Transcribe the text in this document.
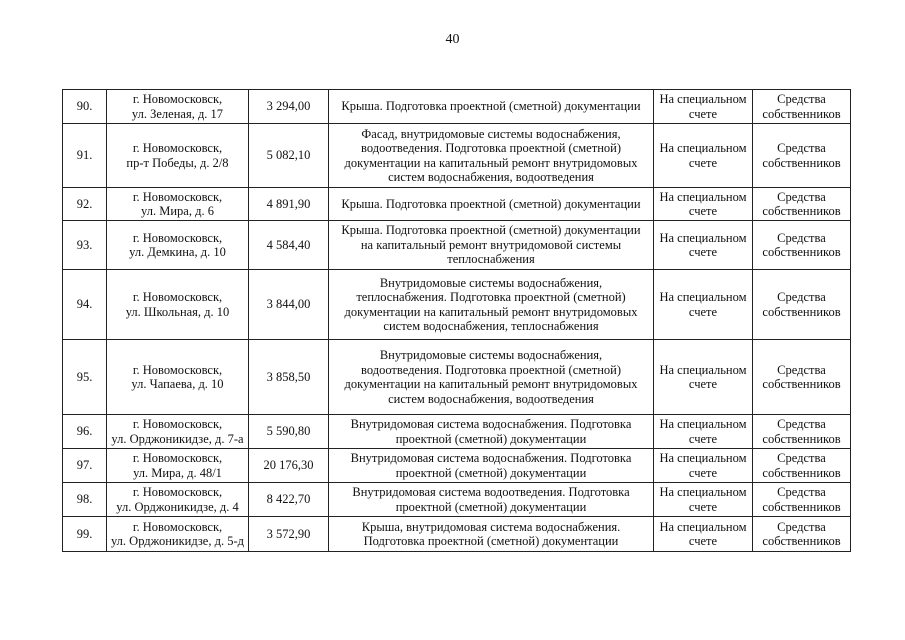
40
90.	г. Новомосковск,
ул. Зеленая, д. 17	3 294,00	Крыша. Подготовка проектной (сметной) документации	На специальном
счете	Средства
собственников

91.	г. Новомосковск,
пр-т Победы, д. 2/8	5 082,10	Фасад, внутридомовые системы водоснабжения,
водоотведения. Подготовка проектной (сметной)
документации на капитальный ремонт внутридомовых
систем водоснабжения, водоотведения	На специальном
счете	Средства
собственников

92.	г. Новомосковск,
ул. Мира, д. 6	4 891,90	Крыша. Подготовка проектной (сметной) документации	На специальном
счете	Средства
собственников

93.	г. Новомосковск,
ул. Демкина, д. 10	4 584,40	Крыша. Подготовка проектной (сметной) документации
на капитальный ремонт внутридомовой системы
теплоснабжения	На специальном
счете	Средства
собственников

94.	г. Новомосковск,
ул. Школьная, д. 10	3 844,00	Внутридомовые системы водоснабжения,
теплоснабжения. Подготовка проектной (сметной)
документации на капитальный ремонт внутридомовых
систем водоснабжения, теплоснабжения	На специальном
счете	Средства
собственников

95.	г. Новомосковск,
ул. Чапаева, д. 10	3 858,50	Внутридомовые системы водоснабжения,
водоотведения. Подготовка проектной (сметной)
документации на капитальный ремонт внутридомовых
систем водоснабжения, водоотведения	На специальном
счете	Средства
собственников

96.	г. Новомосковск,
ул. Орджоникидзе, д. 7-а	5 590,80	Внутридомовая система водоснабжения. Подготовка
проектной (сметной) документации	На специальном
счете	Средства
собственников

97.	г. Новомосковск,
ул. Мира, д. 48/1	20 176,30	Внутридомовая система водоснабжения. Подготовка
проектной (сметной) документации	На специальном
счете	Средства
собственников

98.	г. Новомосковск,
ул. Орджоникидзе, д. 4	8 422,70	Внутридомовая система водоотведения. Подготовка
проектной (сметной) документации	На специальном
счете	Средства
собственников

99.	г. Новомосковск,
ул. Орджоникидзе, д. 5-д	3 572,90	Крыша, внутридомовая система водоснабжения.
Подготовка проектной (сметной) документации	На специальном
счете	Средства
собственников
